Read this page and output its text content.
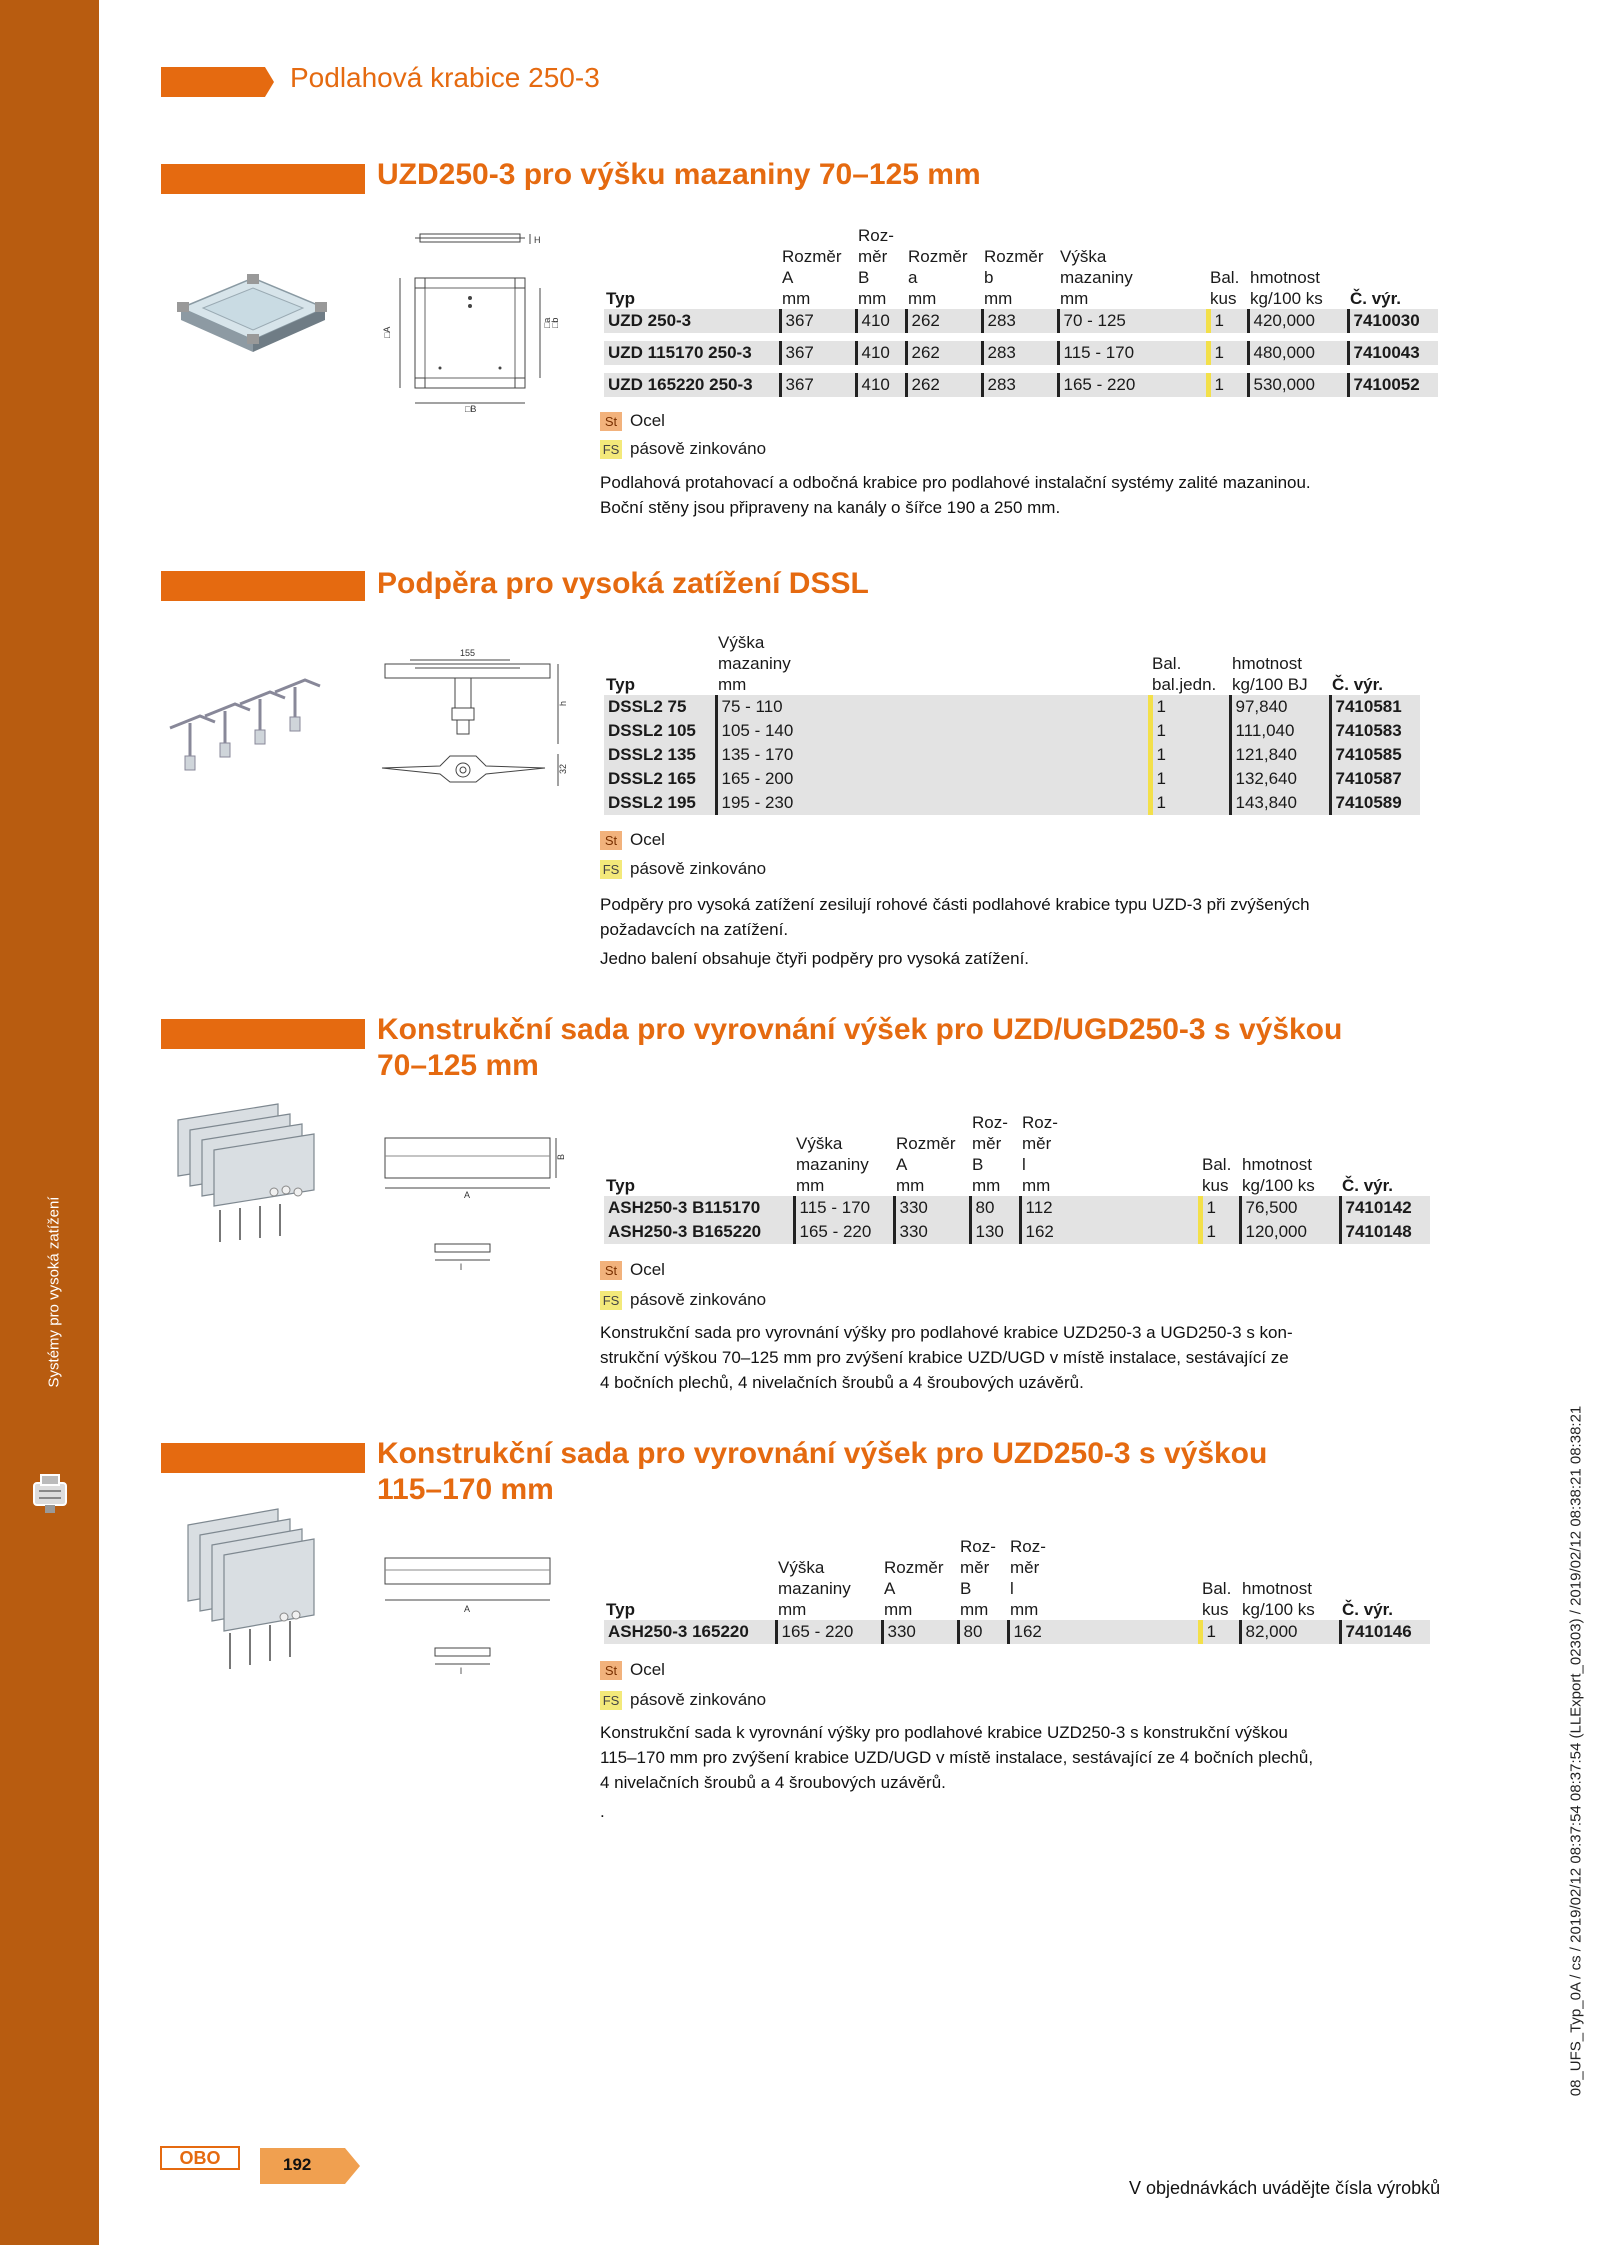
Systémy pro vysoká zatížení
08_UFS_Typ_0A / cs / 2019/02/12 08:37:54 08:37:54 (LLExport_02303) / 2019/02/12 08:38:21 08:38:21
Podlahová krabice 250-3
UZD250-3 pro výšku mazaniny 70–125 mm
H
□A
□B
□a
□b
Typ	Rozměr
A
mm	Roz-
měr
B
mm	Rozměr
a
mm	Rozměr
b
mm	Výška
mazaniny
mm	Bal.
kus	hmotnost
kg/100 ks	Č. výr.
UZD 250-3	367	410	262	283	70 - 125	1	420,000	7410030

UZD 115170 250-3	367	410	262	283	115 - 170	1	480,000	7410043

UZD 165220 250-3	367	410	262	283	165 - 220	1	530,000	7410052
St Ocel
FS pásově zinkováno
Podlahová protahovací a odbočná krabice pro podlahové instalační systémy zalité mazaninou.
Boční stěny jsou připraveny na kanály o šířce 190 a 250 mm.
Podpěra pro vysoká zatížení DSSL
155
h
32
Typ	Výška
mazaniny
mm	Bal.
bal.jedn.	hmotnost
kg/100 BJ	Č. výr.
DSSL2 75	75 - 110	1	97,840	7410581
DSSL2 105	105 - 140	1	111,040	7410583
DSSL2 135	135 - 170	1	121,840	7410585
DSSL2 165	165 - 200	1	132,640	7410587
DSSL2 195	195 - 230	1	143,840	7410589
St Ocel
FS pásově zinkováno
Podpěry pro vysoká zatížení zesilují rohové části podlahové krabice typu UZD-3 při zvýšených
požadavcích na zatížení.
Jedno balení obsahuje čtyři podpěry pro vysoká zatížení.
Konstrukční sada pro vyrovnání výšek pro UZD/UGD250-3 s výškou
70–125 mm
B
A
l
Typ	Výška
mazaniny
mm	Rozměr
A
mm	Roz-
měr
B
mm	Roz-
měr
l
mm	Bal.
kus	hmotnost
kg/100 ks	Č. výr.
ASH250-3 B115170	115 - 170	330	80	112	1	76,500	7410142
ASH250-3 B165220	165 - 220	330	130	162	1	120,000	7410148
St Ocel
FS pásově zinkováno
Konstrukční sada pro vyrovnání výšky pro podlahové krabice UZD250-3 a UGD250-3 s kon-
strukční výškou 70–125 mm pro zvýšení krabice UZD/UGD v místě instalace, sestávající ze
4 bočních plechů, 4 nivelačních šroubů a 4 šroubových uzávěrů.
Konstrukční sada pro vyrovnání výšek pro UZD250-3 s výškou
115–170 mm
A
l
Typ	Výška
mazaniny
mm	Rozměr
A
mm	Roz-
měr
B
mm	Roz-
měr
l
mm	Bal.
kus	hmotnost
kg/100 ks	Č. výr.
ASH250-3 165220	165 - 220	330	80	162	1	82,000	7410146
St Ocel
FS pásově zinkováno
Konstrukční sada k vyrovnání výšky pro podlahové krabice UZD250-3 s konstrukční výškou
115–170 mm pro zvýšení krabice UZD/UGD v místě instalace, sestávající ze 4 bočních plechů,
4 nivelačních šroubů a 4 šroubových uzávěrů.
.
OBO	192
V objednávkách uvádějte čísla výrobků
